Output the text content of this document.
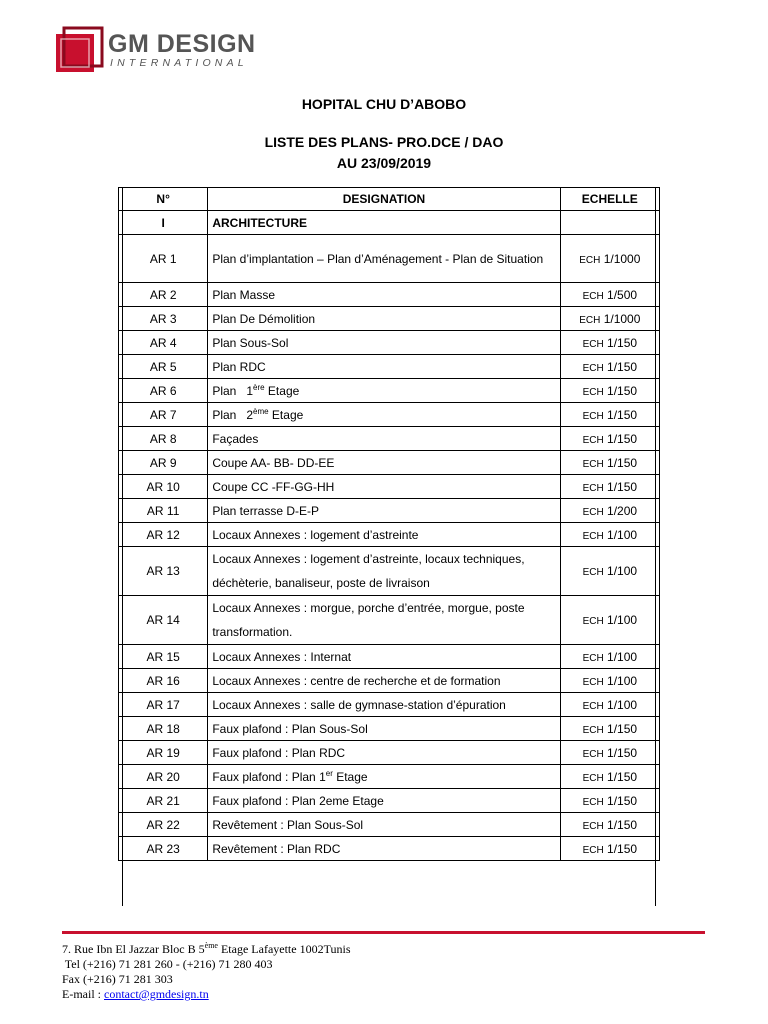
GM DESIGN
INTERNATIONAL
HOPITAL CHU D’ABOBO
LISTE DES PLANS- PRO.DCE / DAO
AU 23/09/2019
N°	DESIGNATION	ECHELLE
I	ARCHITECTURE	
AR 1	Plan d’implantation – Plan d’Aménagement - Plan de Situation	ECH 1/1000
AR 2	Plan Masse	ECH 1/500
AR 3	Plan De Démolition	ECH 1/1000
AR 4	Plan Sous-Sol	ECH 1/150
AR 5	Plan RDC	ECH 1/150
AR 6	Plan   1ère Etage	ECH 1/150
AR 7	Plan   2ème Etage	ECH 1/150
AR 8	Façades	ECH 1/150
AR 9	Coupe AA- BB- DD-EE	ECH 1/150
AR 10	Coupe CC -FF-GG-HH	ECH 1/150
AR 11	Plan terrasse D-E-P	ECH 1/200
AR 12	Locaux Annexes : logement d’astreinte	ECH 1/100
AR 13	Locaux Annexes : logement d’astreinte, locaux techniques, déchèterie, banaliseur, poste de livraison	ECH 1/100
AR 14	Locaux Annexes : morgue, porche d’entrée, morgue, poste transformation.	ECH 1/100
AR 15	Locaux Annexes : Internat	ECH 1/100
AR 16	Locaux Annexes : centre de recherche et de formation	ECH 1/100
AR 17	Locaux Annexes : salle de gymnase-station d’épuration	ECH 1/100
AR 18	Faux plafond : Plan Sous-Sol	ECH 1/150
AR 19	Faux plafond : Plan RDC	ECH 1/150
AR 20	Faux plafond : Plan 1er Etage	ECH 1/150
AR 21	Faux plafond : Plan 2eme Etage	ECH 1/150
AR 22	Revêtement : Plan Sous-Sol	ECH 1/150
AR 23	Revêtement : Plan RDC	ECH 1/150
7. Rue Ibn El Jazzar Bloc B 5ème Etage Lafayette 1002Tunis
Tel (+216) 71 281 260 - (+216) 71 280 403
Fax (+216) 71 281 303
E-mail : contact@gmdesign.tn
